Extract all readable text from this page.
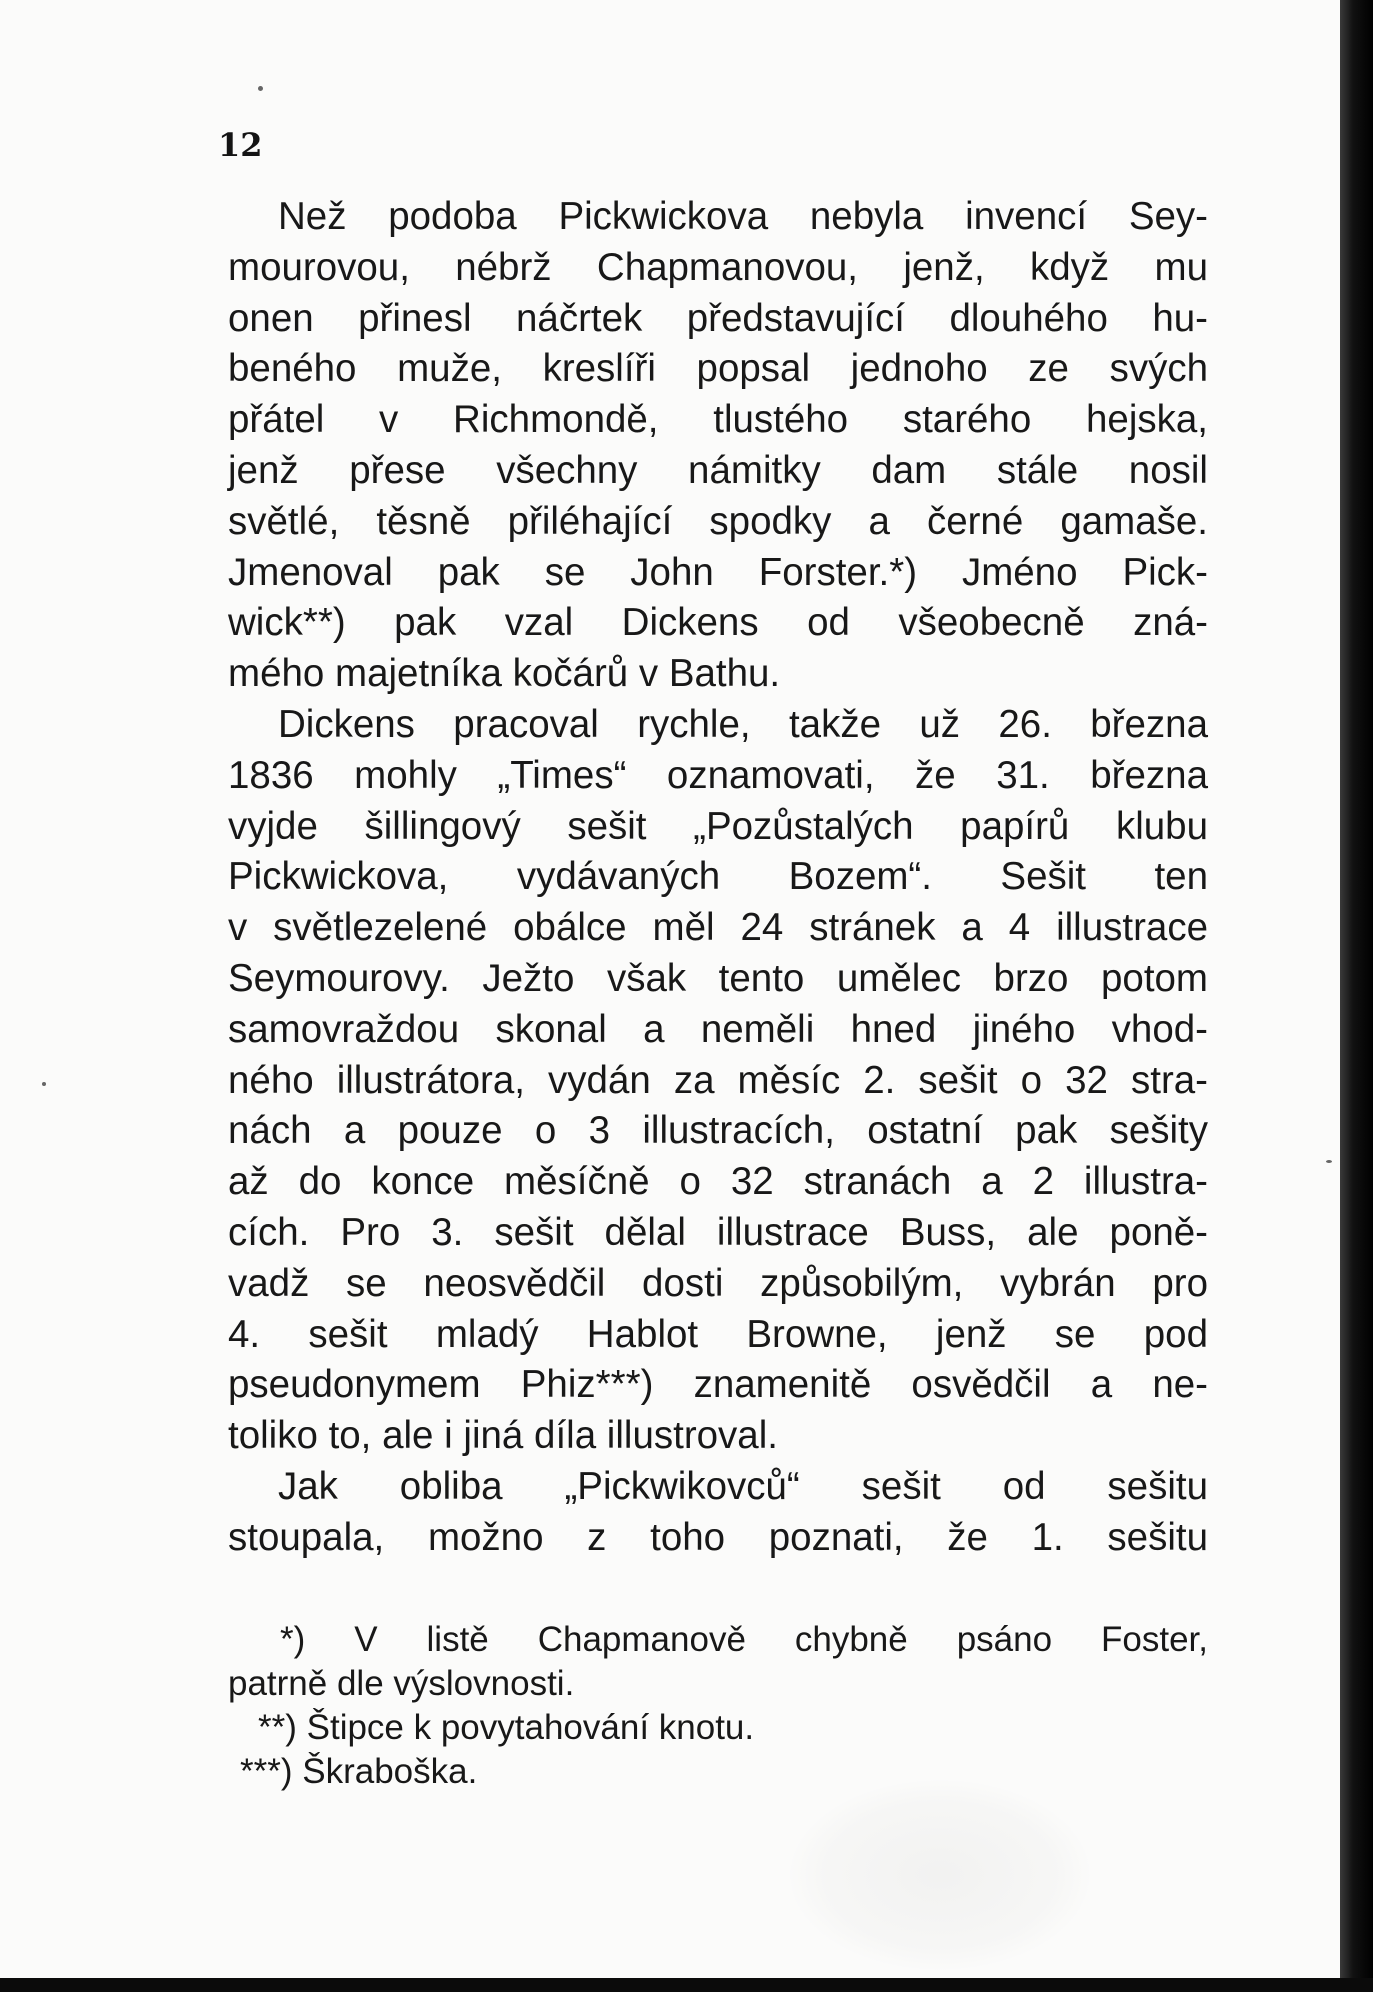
12
Než podoba Pickwickova nebyla invencí Sey-
mourovou, nébrž Chapmanovou, jenž, když mu
onen přinesl náčrtek představující dlouhého hu-
beného muže, kreslíři popsal jednoho ze svých
přátel v Richmondě, tlustého starého hejska,
jenž přese všechny námitky dam stále nosil
světlé, těsně přiléhající spodky a černé gamaše.
Jmenoval pak se John Forster.*) Jméno Pick-
wick**) pak vzal Dickens od všeobecně zná-
mého majetníka kočárů v Bathu.
Dickens pracoval rychle, takže už 26. března
1836 mohly „Times“ oznamovati, že 31. března
vyjde šillingový sešit „Pozůstalých papírů klubu
Pickwickova, vydávaných Bozem“. Sešit ten
v světlezelené obálce měl 24 stránek a 4 illustrace
Seymourovy. Ježto však tento umělec brzo potom
samovraždou skonal a neměli hned jiného vhod-
ného illustrátora, vydán za měsíc 2. sešit o 32 stra-
nách a pouze o 3 illustracích, ostatní pak sešity
až do konce měsíčně o 32 stranách a 2 illustra-
cích. Pro 3. sešit dělal illustrace Buss, ale poně-
vadž se neosvědčil dosti způsobilým, vybrán pro
4. sešit mladý Hablot Browne, jenž se pod
pseudonymem Phiz***) znamenitě osvědčil a ne-
toliko to, ale i jiná díla illustroval.
Jak obliba „Pickwikovců“ sešit od sešitu
stoupala, možno z toho poznati, že 1. sešitu
*) V listě Chapmanově chybně psáno Foster,
patrně dle výslovnosti.
**) Štipce k povytahování knotu.
***) Škraboška.
